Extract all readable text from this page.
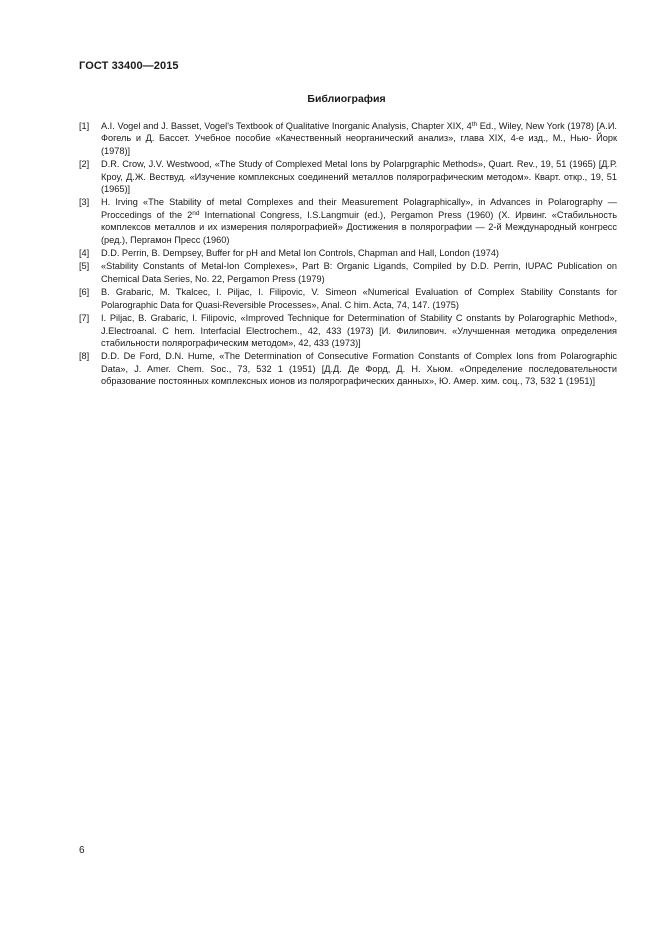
ГОСТ 33400—2015
Библиография
[1]	A.I. Vogel and J. Basset, Vogel's Textbook of Qualitative Inorganic Analysis, Chapter XIX, 4th Ed., Wiley, New York (1978) [А.И. Фогель и Д. Бассет. Учебное пособие «Качественный неорганический анализ», глава XIX, 4-е изд., М., Нью- Йорк (1978)]
[2]	D.R. Crow, J.V. Westwood, «The Study of Complexed Metal Ions by Polarpgraphic Methods», Quart. Rev., 19, 51 (1965) [Д.Р. Кроу, Д.Ж. Вествуд. «Изучение комплексных соединений металлов полярографическим методом». Кварт. откр., 19, 51 (1965)]
[3]	H. Irving «The Stability of metal Complexes and their Measurement Polagraphically», in Advances in Polarography — Proccedings of the 2nd International Congress, I.S.Langmuir (ed.), Pergamon Press (1960) (X. Ирвинг. «Стабильность комплексов металлов и их измерения полярографией» Достижения в полярографии — 2-й Международный конгресс (ред.), Пергамон Пресс (1960)
[4]	D.D. Perrin, B. Dempsey, Buffer for pH and Metal Ion Controls, Chapman and Hall, London (1974)
[5]	«Stability Constants of Metal-Ion Complexes», Part B: Organic Ligands, Compiled by D.D. Perrin, IUPAC Publication on Chemical Data Series, No. 22, Pergamon Press (1979)
[6]	B. Grabaric, M. Tkalcec, I. Piljac, I. Filipovic, V. Simeon «Numerical Evaluation of Complex Stability Constants for Polarographic Data for Quasi-Reversible Processes», Anal. C him. Acta, 74, 147. (1975)
[7]	I. Piljac, B. Grabaric, I. Filipovic, «Improved Technique for Determination of Stability C onstants by Polarographic Method», J.Electroanal. C hem. Interfacial Electrochem., 42, 433 (1973) [И. Филипович. «Улучшенная методика определения стабильности полярографическим методом», 42, 433 (1973)]
[8]	D.D. De Ford, D.N. Hume, «The Determination of Consecutive Formation Constants of Complex Ions from Polarographic Data», J. Amer. Chem. Soc., 73, 532 1 (1951) [Д.Д. Де Форд, Д. Н. Хьюм. «Определение последовательности образование постоянных комплексных ионов из полярографических данных», Ю. Амер. хим. соц., 73, 532 1 (1951)]
6
